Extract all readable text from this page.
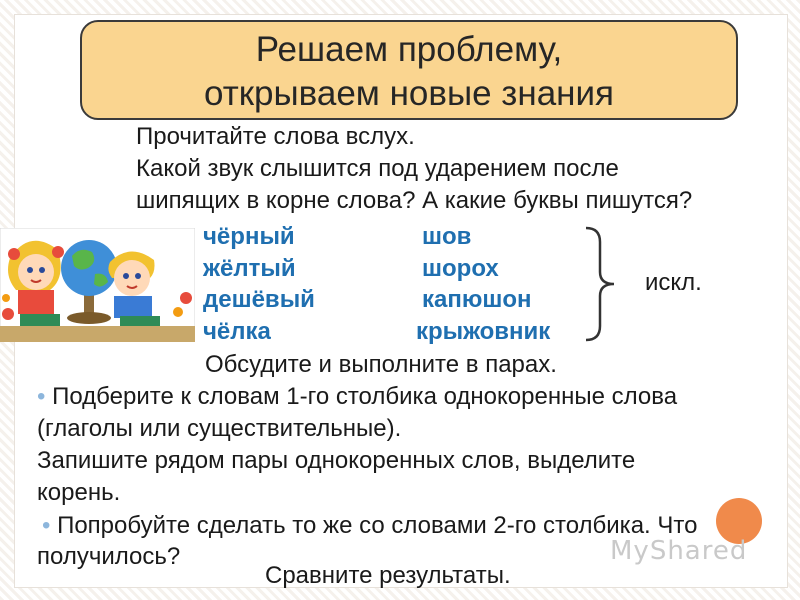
Решаем проблему,
открываем новые знания
Прочитайте слова вслух.
Какой звук слышится под ударением после
шипящих в корне слова? А какие буквы пишутся?
чёрный
жёлтый
дешёвый
чёлка
шов
шорох
капюшон
крыжовник
искл.
Обсудите и выполните в парах.
• Подберите к словам 1-го столбика однокоренные слова
(глаголы или существительные).
Запишите рядом пары однокоренных слов, выделите
корень.
• Попробуйте сделать то же со словами 2-го столбика. Что
получилось?	MyShared
Сравните результаты.
